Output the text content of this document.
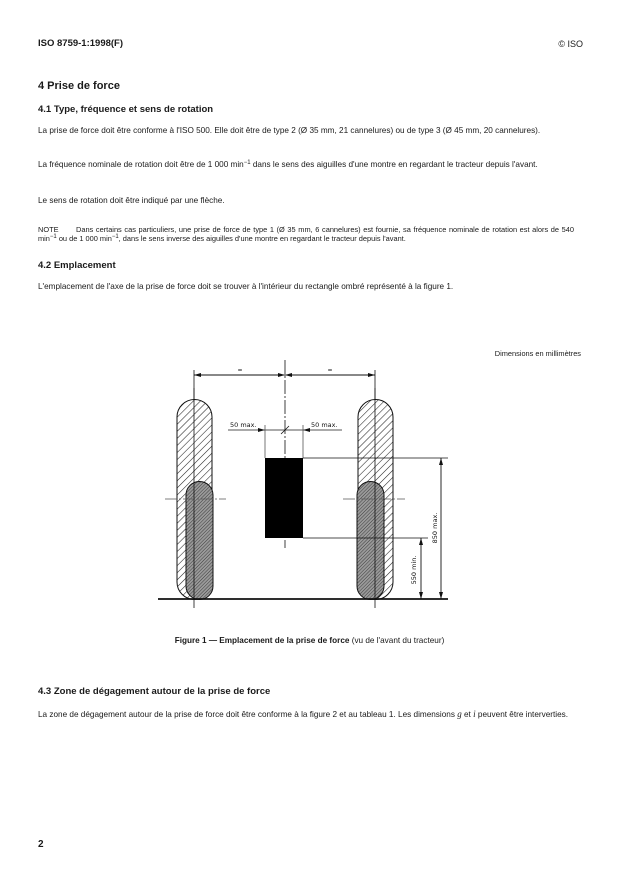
ISO 8759-1:1998(F)	© ISO
4 Prise de force
4.1 Type, fréquence et sens de rotation
La prise de force doit être conforme à l'ISO 500. Elle doit être de type 2 (Ø 35 mm, 21 cannelures) ou de type 3 (Ø 45 mm, 20 cannelures).
La fréquence nominale de rotation doit être de 1 000 $\min^{-1}$ dans le sens des aiguilles d'une montre en regardant le tracteur depuis l'avant.
Le sens de rotation doit être indiqué par une flèche.
NOTE Dans certains cas particuliers, une prise de force de type 1 (Ø 35 mm, 6 cannelures) est fournie, sa fréquence nominale de rotation est alors de 540 $\min^{-1}$ ou de 1 000 $\min^{-1}$, dans le sens inverse des aiguilles d'une montre en regardant le tracteur depuis l'avant.
4.2 Emplacement
L'emplacement de l'axe de la prise de force doit se trouver à l'intérieur du rectangle ombré représenté à la figure 1.
Dimensions en millimètres
=	=
50 max.	50 max.
850 max.
550 min.
Figure 1 — Emplacement de la prise de force (vu de l'avant du tracteur)
4.3 Zone de dégagement autour de la prise de force
La zone de dégagement autour de la prise de force doit être conforme à la figure 2 et au tableau 1. Les dimensions g et i peuvent être interverties.
2
